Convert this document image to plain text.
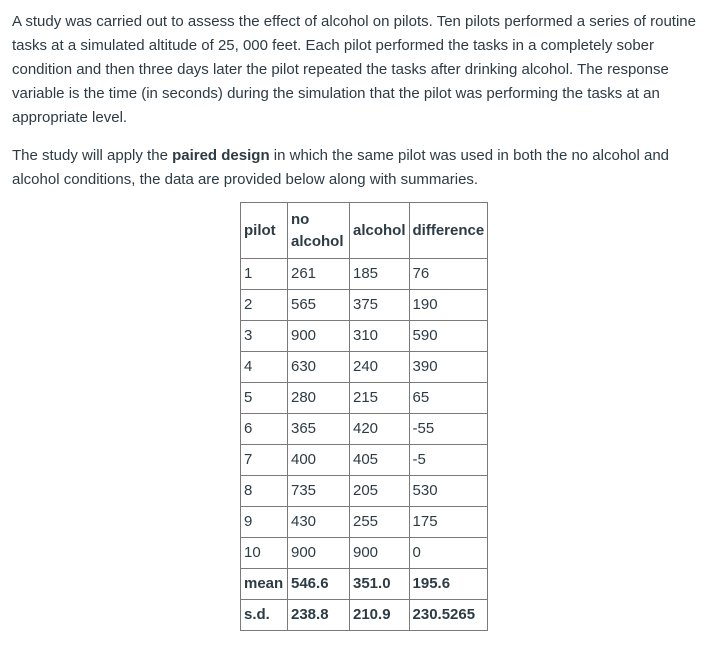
A study was carried out to assess the effect of alcohol on pilots. Ten pilots performed a series of routine tasks at a simulated altitude of 25, 000 feet. Each pilot performed the tasks in a completely sober condition and then three days later the pilot repeated the tasks after drinking alcohol. The response variable is the time (in seconds) during the simulation that the pilot was performing the tasks at an appropriate level.

The study will apply the paired design in which the same pilot was used in both the no alcohol and alcohol conditions, the data are provided below along with summaries.

pilot	no alcohol	alcohol	difference
1	261	185	76
2	565	375	190
3	900	310	590
4	630	240	390
5	280	215	65
6	365	420	-55
7	400	405	-5
8	735	205	530
9	430	255	175
10	900	900	0
mean	546.6	351.0	195.6
s.d.	238.8	210.9	230.5265
